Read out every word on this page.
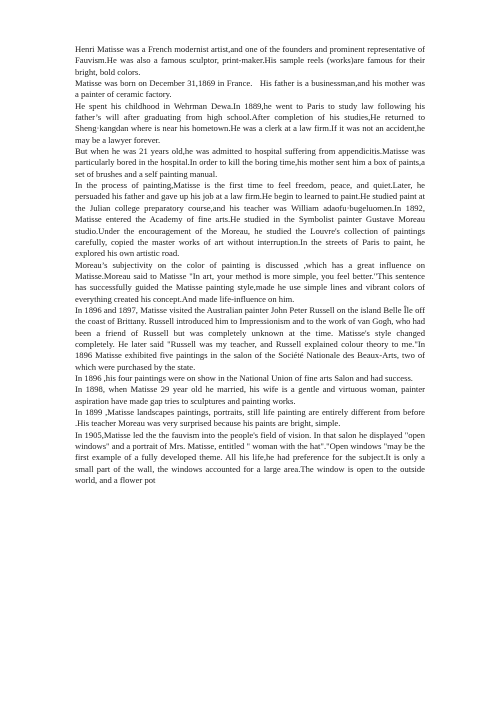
Henri Matisse was a French modernist artist,and one of the founders and prominent representative of Fauvism.He was also a famous sculptor, print-maker.His sample reels (works)are famous for their bright, bold colors.

Matisse was born on December 31,1869 in France.   His father is a businessman,and his mother was a painter of ceramic factory.

He spent his childhood in Wehrman Dewa.In 1889,he went to Paris to study law following his father’s will after graduating from high school.After completion of his studies,He returned to Sheng·kangdan where is near his hometown.He was a clerk at a law firm.If it was not an accident,he may be a lawyer forever.

But when he was 21 years old,he was admitted to hospital suffering from appendicitis.Matisse was particularly bored in the hospital.In order to kill the boring time,his mother sent him a box of paints,a set of brushes and a self painting manual.

In the process of painting,Matisse is the first time to feel freedom, peace, and quiet.Later, he persuaded his father and gave up his job at a law firm.He begin to learned to paint.He studied paint at the Julian college preparatory course,and his teacher was William adaofu·bugeluomen.In 1892, Matisse entered the Academy of fine arts.He studied in the Symbolist painter Gustave Moreau studio.Under the encouragement of the Moreau, he studied the Louvre's collection of paintings carefully, copied the master works of art without interruption.In the streets of Paris to paint, he explored his own artistic road.

Moreau’s subjectivity on the color of painting is discussed ,which has a great influence on Matisse.Moreau said to Matisse "In art, your method is more simple, you feel better."This sentence has successfully guided the Matisse painting style,made he use simple lines and vibrant colors of everything created his concept.And made life-influence on him.

In 1896 and 1897, Matisse visited the Australian painter John Peter Russell on the island Belle Île off the coast of Brittany. Russell introduced him to Impressionism and to the work of van Gogh, who had been a friend of Russell but was completely unknown at the time. Matisse's style changed completely. He later said "Russell was my teacher, and Russell explained colour theory to me."In 1896 Matisse exhibited five paintings in the salon of the Société Nationale des Beaux-Arts, two of which were purchased by the state.

In 1896 ,his four paintings were on show in the National Union of fine arts Salon and had success.

In 1898, when Matisse 29 year old he married, his wife is a gentle and virtuous woman, painter aspiration have made gap tries to sculptures and painting works.

In 1899 ,Matisse landscapes paintings, portraits, still life painting are entirely different from before .His teacher Moreau was very surprised because his paints are bright, simple.

In 1905,Matisse led the the fauvism into the people's field of vision. In that salon he displayed "open windows" and a portrait of Mrs. Matisse, entitled " woman with the hat"."Open windows "may be the first example of a fully developed theme. All his life,he had preference for the subject.It is only a small part of the wall, the windows accounted for a large area.The window is open to the outside world, and a flower pot
